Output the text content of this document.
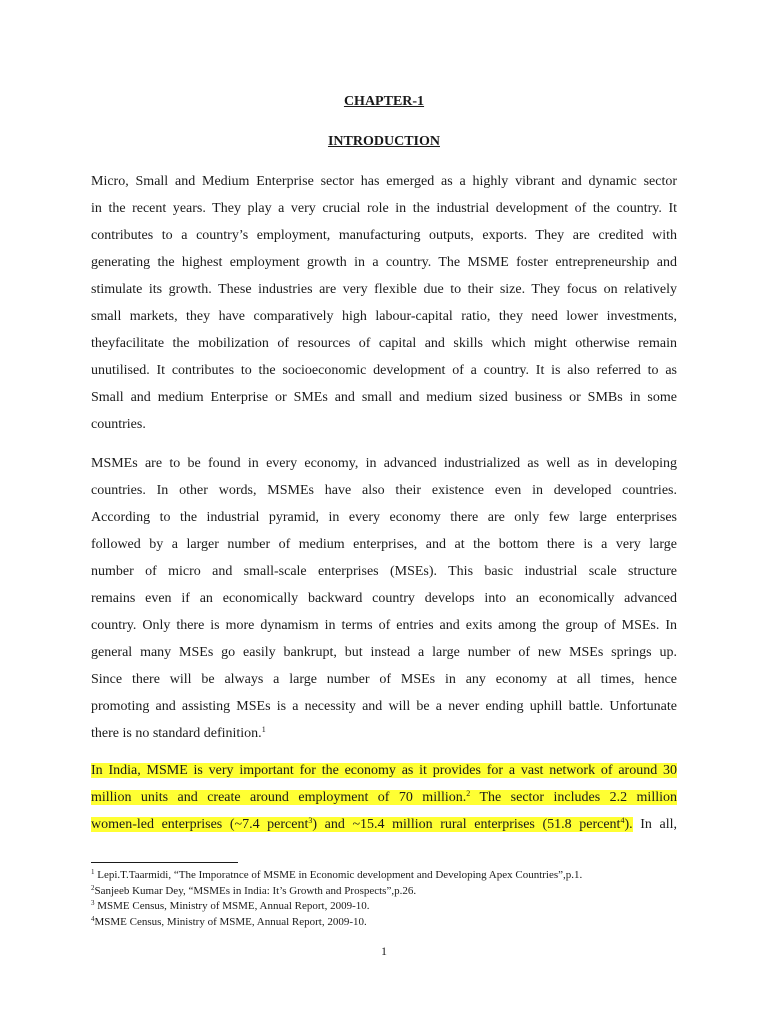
CHAPTER-1
INTRODUCTION
Micro, Small and Medium Enterprise sector has emerged as a highly vibrant and dynamic sector
in the recent years. They play a very crucial role in the industrial development of the country. It
contributes to a country’s employment, manufacturing outputs, exports. They are credited with
generating the highest employment growth in a country. The MSME foster entrepreneurship and
stimulate its growth. These industries are very flexible due to their size. They focus on relatively
small markets, they have comparatively high labour-capital ratio, they need lower investments,
theyfacilitate the mobilization of resources of capital and skills which might otherwise remain
unutilised. It contributes to the socioeconomic development of a country. It is also referred to as
Small and medium Enterprise or SMEs and small and medium sized business or SMBs in some
countries.
MSMEs are to be found in every economy, in advanced industrialized as well as in developing
countries. In other words, MSMEs have also their existence even in developed countries.
According to the industrial pyramid, in every economy there are only few large enterprises
followed by a larger number of medium enterprises, and at the bottom there is a very large
number of micro and small-scale enterprises (MSEs). This basic industrial scale structure
remains even if an economically backward country develops into an economically advanced
country. Only there is more dynamism in terms of entries and exits among the group of MSEs. In
general many MSEs go easily bankrupt, but instead a large number of new MSEs springs up.
Since there will be always a large number of MSEs in any economy at all times, hence
promoting and assisting MSEs is a necessity and will be a never ending uphill battle. Unfortunate
there is no standard definition.$^1$
In India, MSME is very important for the economy as it provides for a vast network of around 30
million units and create around employment of 70 million.$^2$ The sector includes 2.2 million
women-led enterprises (~7.4 percent$^3$) and ~15.4 million rural enterprises (51.8 percent$^4$). In all,
$^1$ Lepi.T.Taarmidi, “The Imporatnce of MSME in Economic development and Developing Apex Countries”,p.1.
$^2$Sanjeeb Kumar Dey, “MSMEs in India: It’s Growth and Prospects”,p.26.
$^3$ MSME Census, Ministry of MSME, Annual Report, 2009-10.
$^4$MSME Census, Ministry of MSME, Annual Report, 2009-10.
1
